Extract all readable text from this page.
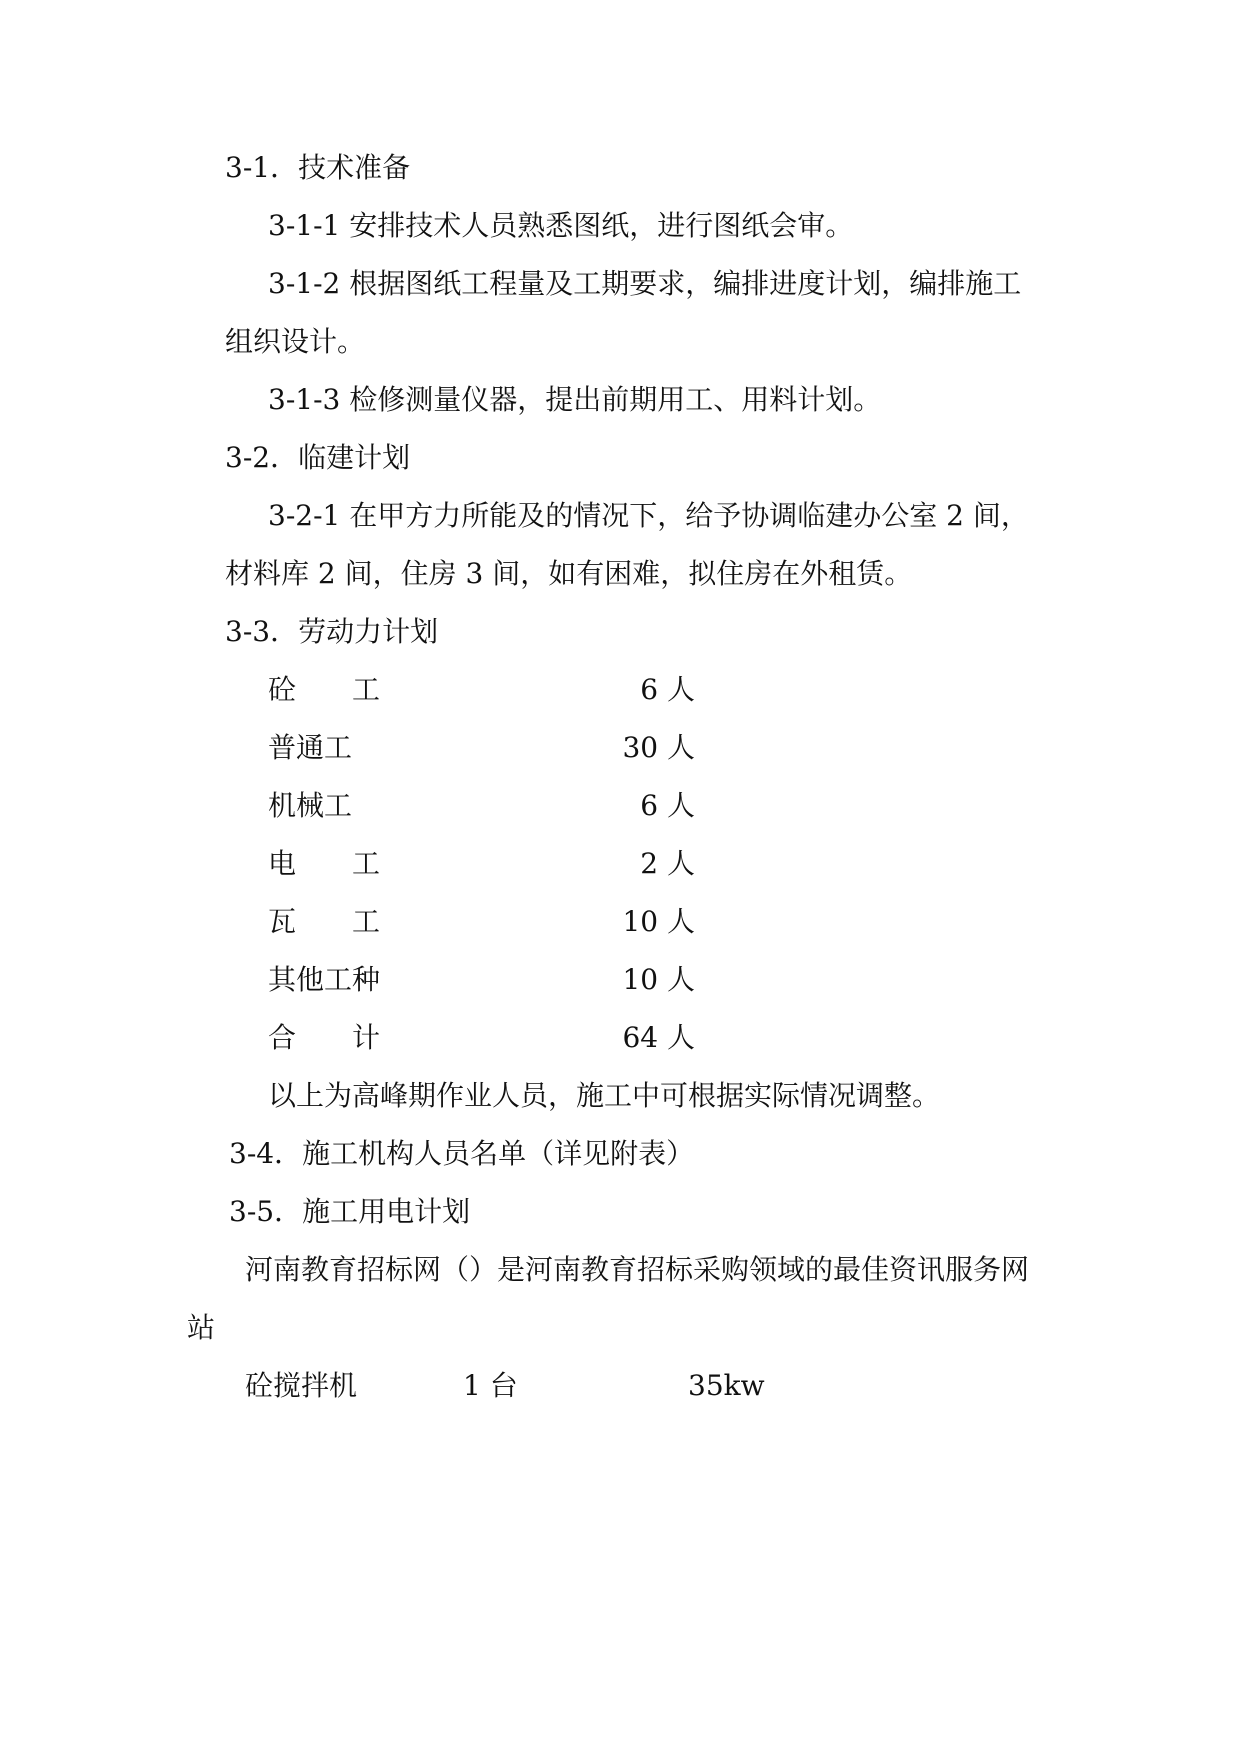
3-1．技术准备
3-1-1 安排技术人员熟悉图纸，进行图纸会审。
3-1-2 根据图纸工程量及工期要求，编排进度计划，编排施工
组织设计。
3-1-3 检修测量仪器，提出前期用工、用料计划。
3-2．临建计划
3-2-1 在甲方力所能及的情况下，给予协调临建办公室 2 间，
材料库 2 间，住房 3 间，如有困难，拟住房在外租赁。
3-3．劳动力计划
砼　　工	6 人
普通工	30 人
机械工	6 人
电　　工	2 人
瓦　　工	10 人
其他工种	10 人
合　　计	64 人
以上为高峰期作业人员，施工中可根据实际情况调整。
3-4．施工机构人员名单（详见附表）
3-5．施工用电计划
河南教育招标网（）是河南教育招标采购领域的最佳资讯服务网
站
砼搅拌机	1 台	35kw
